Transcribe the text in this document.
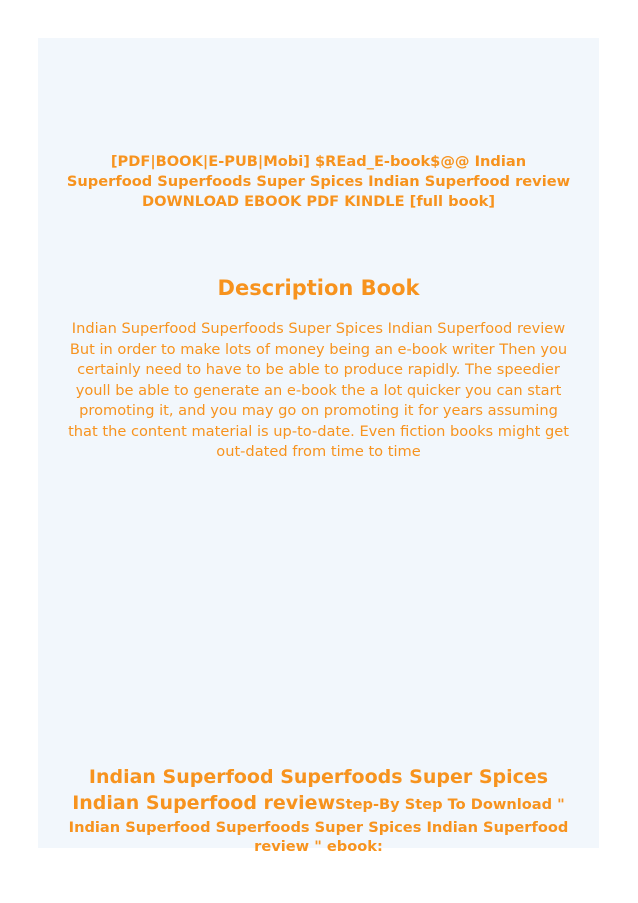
[PDF|BOOK|E-PUB|Mobi] $REad_E-book$@@ Indian
Superfood Superfoods Super Spices Indian Superfood review
DOWNLOAD EBOOK PDF KINDLE [full book]
Description Book
Indian Superfood Superfoods Super Spices Indian Superfood review
But in order to make lots of money being an e-book writer Then you
certainly need to have to be able to produce rapidly. The speedier
youll be able to generate an e-book the a lot quicker you can start
promoting it, and you may go on promoting it for years assuming
that the content material is up-to-date. Even fiction books might get
out-dated from time to time
Indian Superfood Superfoods Super Spices
Indian Superfood reviewStep-By Step To Download "
Indian Superfood Superfoods Super Spices Indian Superfood
review " ebook:
